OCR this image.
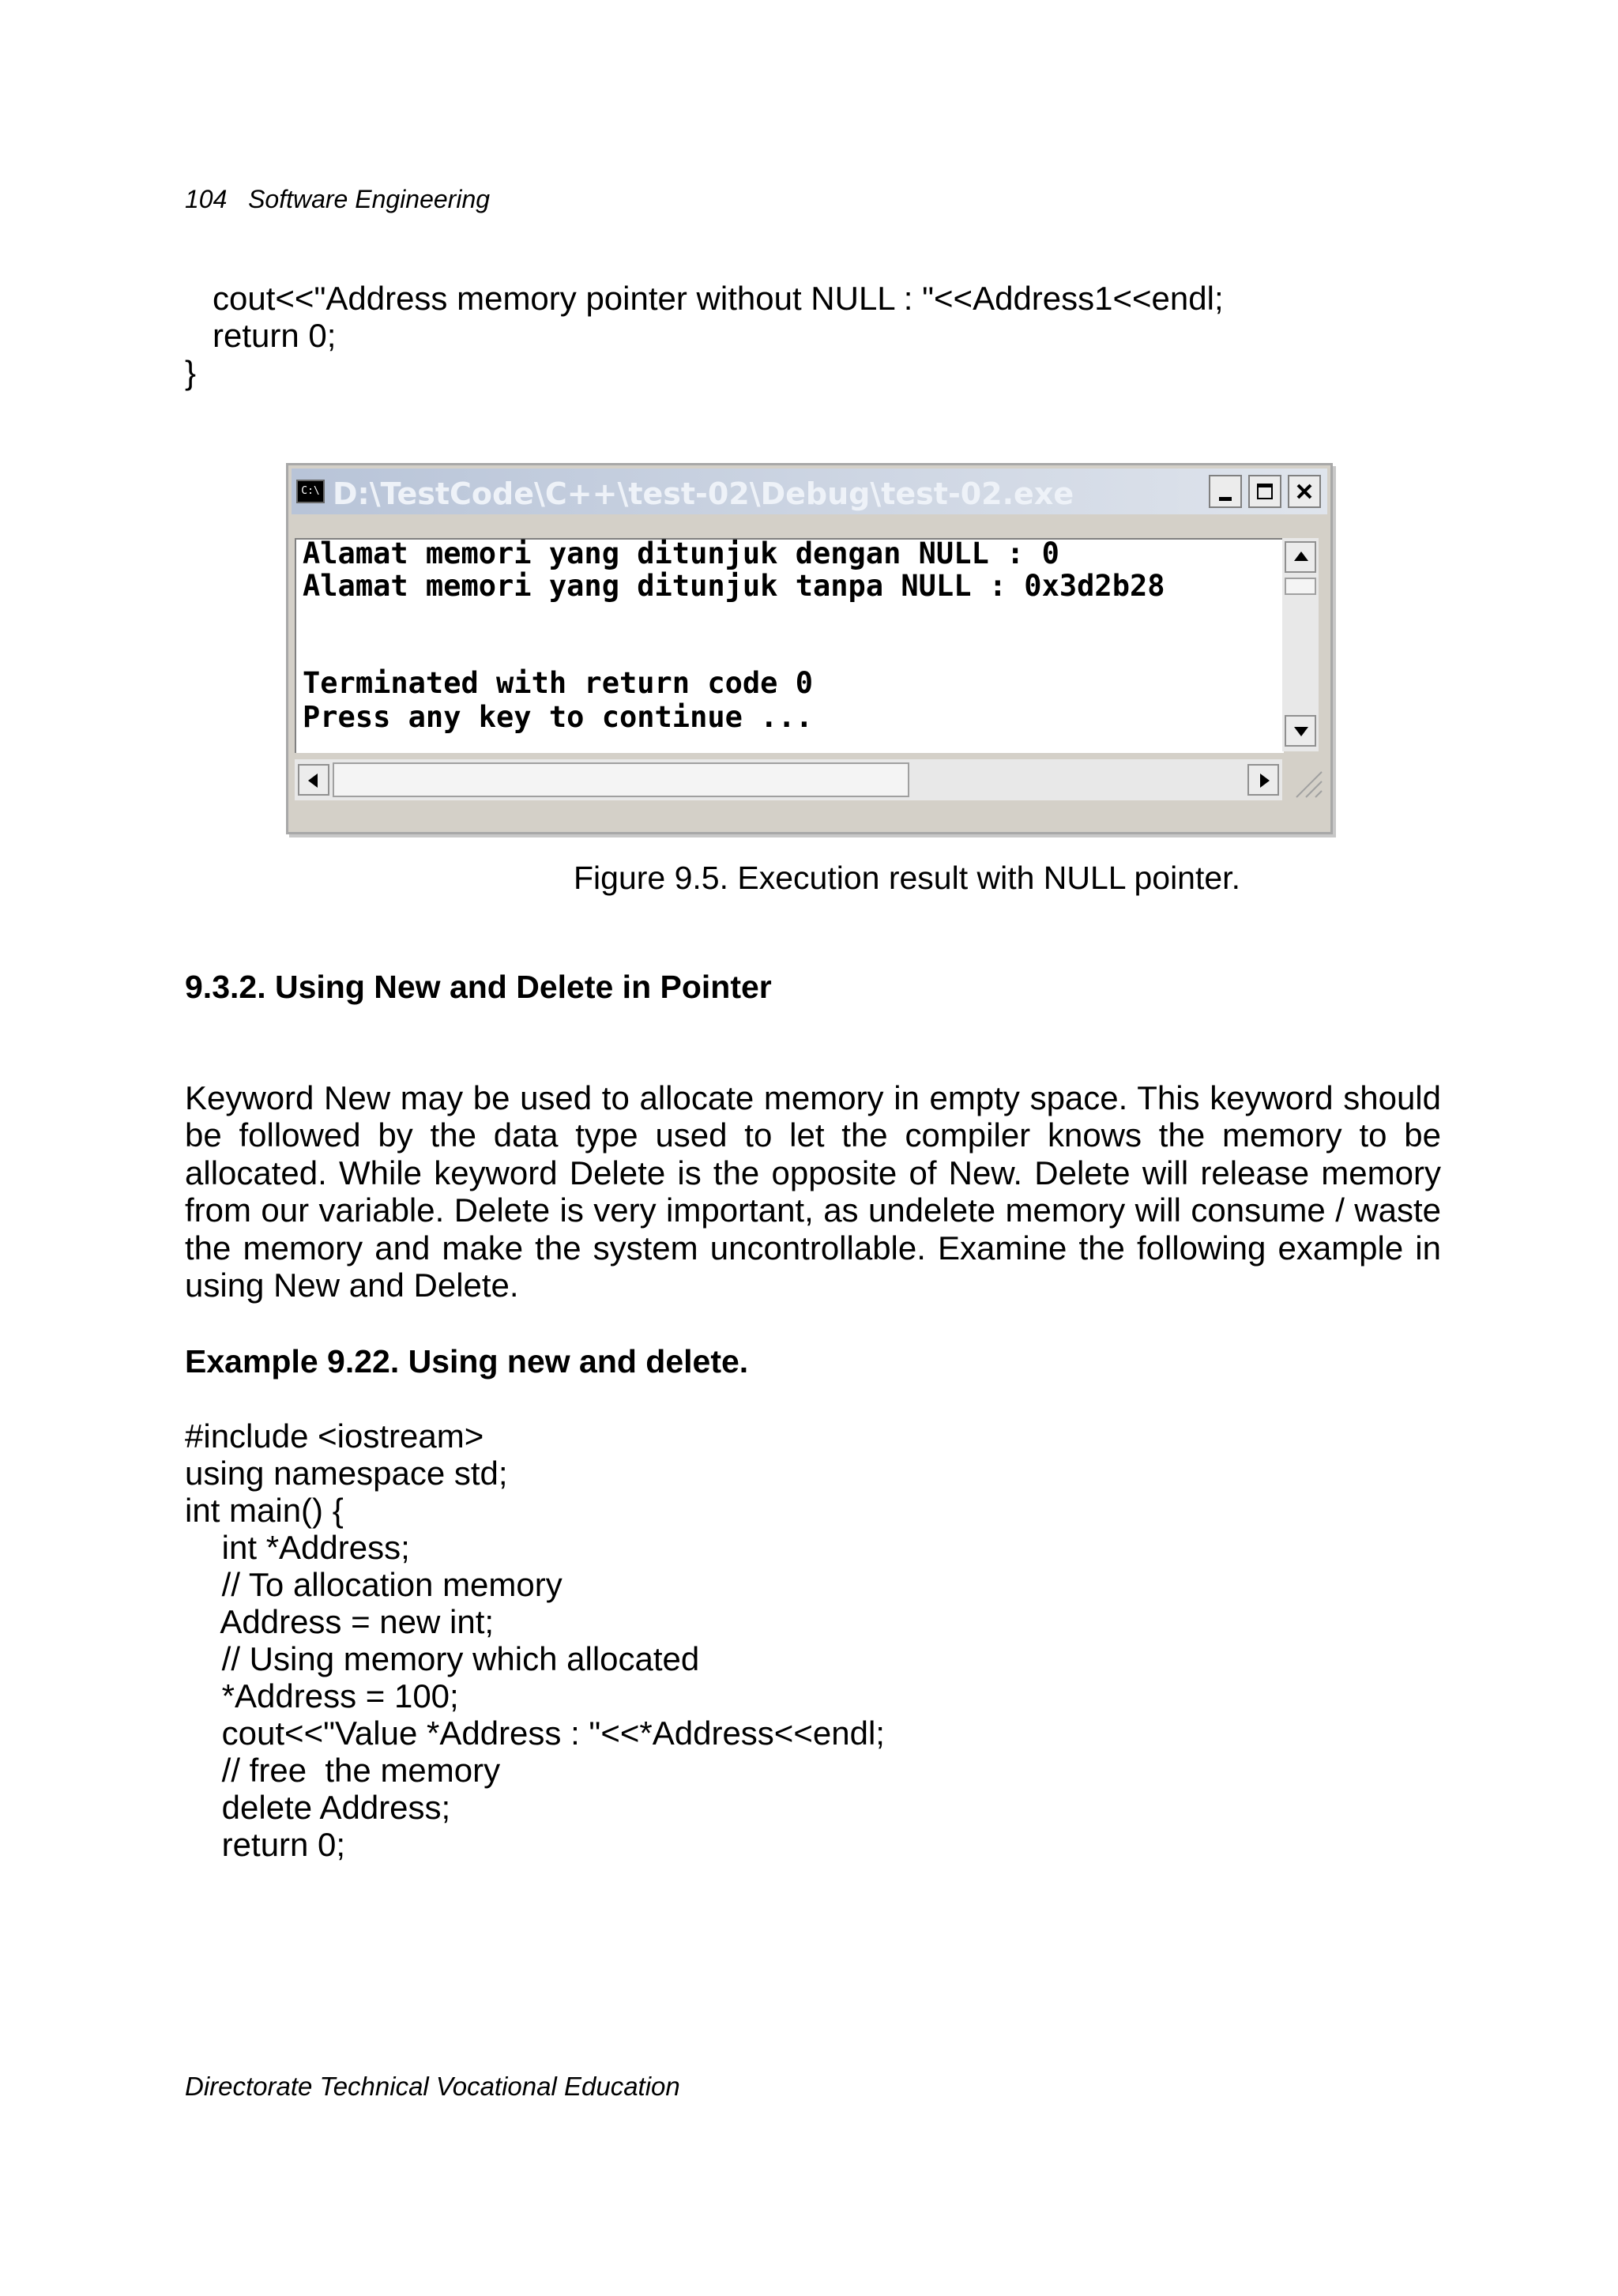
104 Software Engineering
cout<<"Address memory pointer without NULL : "<<Address1<<endl;
return 0;
}
C:\ D:\TestCode\C++\test-02\Debug\test-02.exe
Alamat memori yang ditunjuk dengan NULL : 0
Alamat memori yang ditunjuk tanpa NULL : 0x3d2b28
Terminated with return code 0
Press any key to continue ...
Figure 9.5. Execution result with NULL pointer.
9.3.2. Using New and Delete in Pointer
Keyword New may be used to allocate memory in empty space. This keyword should be followed by the data type used to let the compiler knows the memory to be allocated. While keyword Delete is the opposite of New. Delete will release memory from our variable. Delete is very important, as undelete memory will consume / waste the memory and make the system uncontrollable. Examine the following example in using New and Delete.
Example 9.22. Using new and delete.
#include <iostream>
using namespace std;
int main() {
int *Address;
// To allocation memory
Address = new int;
// Using memory which allocated
*Address = 100;
cout<<"Value *Address : "<<*Address<<endl;
// free  the memory
delete Address;
return 0;
Directorate Technical Vocational Education
